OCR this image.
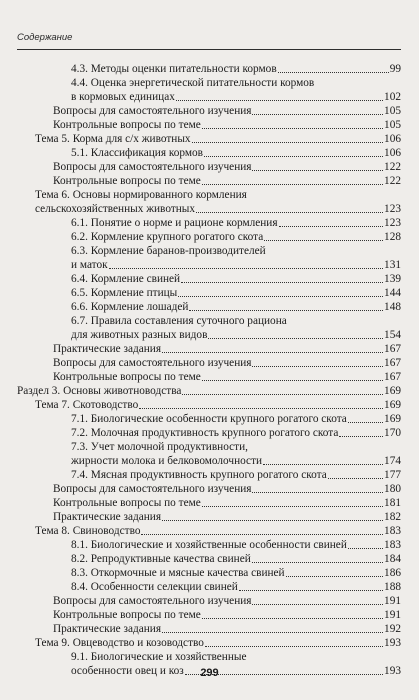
Содержание
4.3. Методы оценки питательности кормов	99
4.4. Оценка энергетической питательности кормов
в кормовых единицах	102
Вопросы для самостоятельного изучения	105
Контрольные вопросы по теме	105
Тема 5. Корма для с/х животных	106
5.1. Классификация кормов	106
Вопросы для самостоятельного изучения	122
Контрольные вопросы по теме	122
Тема 6. Основы нормированного кормления
сельскохозяйственных животных	123
6.1. Понятие о норме и рационе кормления	123
6.2. Кормление крупного рогатого скота	128
6.3. Кормление баранов-производителей
и маток	131
6.4. Кормление свиней	139
6.5. Кормление птицы	144
6.6. Кормление лошадей	148
6.7. Правила составления суточного рациона
для животных разных видов	154
Практические задания	167
Вопросы для самостоятельного изучения	167
Контрольные вопросы по теме	167
Раздел 3. Основы животноводства	169
Тема 7. Скотоводство	169
7.1. Биологические особенности крупного рогатого скота	169
7.2. Молочная продуктивность крупного рогатого скота	170
7.3. Учет молочной продуктивности,
жирности молока и белковомолочности	174
7.4. Мясная продуктивность крупного рогатого скота	177
Вопросы для самостоятельного изучения	180
Контрольные вопросы по теме	181
Практические задания	182
Тема 8. Свиноводство	183
8.1. Биологические и хозяйственные особенности свиней	183
8.2. Репродуктивные качества свиней	184
8.3. Откормочные и мясные качества свиней	186
8.4. Особенности селекции свиней	188
Вопросы для самостоятельного изучения	191
Контрольные вопросы по теме	191
Практические задания	192
Тема 9. Овцеводство и козоводство	193
9.1. Биологические и хозяйственные
особенности овец и коз	193
299
